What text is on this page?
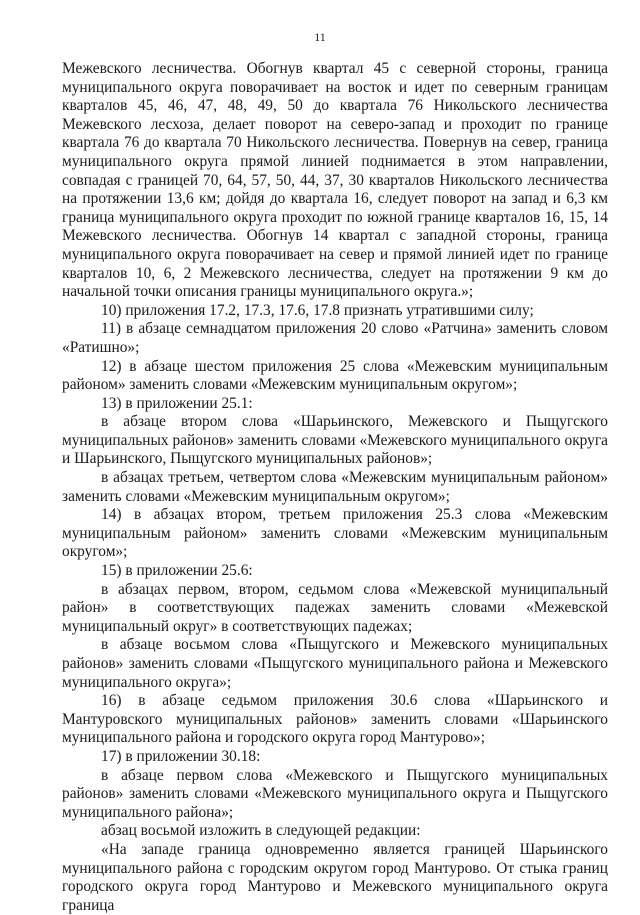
11

Межевского лесничества. Обогнув квартал 45 с северной стороны, граница муниципального округа поворачивает на восток и идет по северным границам кварталов 45, 46, 47, 48, 49, 50 до квартала 76 Никольского лесничества Межевского лесхоза, делает поворот на северо-запад и проходит по границе квартала 76 до квартала 70 Никольского лесничества. Повернув на север, граница муниципального округа прямой линией поднимается в этом направлении, совпадая с границей 70, 64, 57, 50, 44, 37, 30 кварталов Никольского лесничества на протяжении 13,6 км; дойдя до квартала 16, следует поворот на запад и 6,3 км граница муниципального округа проходит по южной границе кварталов 16, 15, 14 Межевского лесничества. Обогнув 14 квартал с западной стороны, граница муниципального округа поворачивает на север и прямой линией идет по границе кварталов 10, 6, 2 Межевского лесничества, следует на протяжении 9 км до начальной точки описания границы муниципального округа.»;

10) приложения 17.2, 17.3, 17.6, 17.8 признать утратившими силу;

11) в абзаце семнадцатом приложения 20 слово «Ратчина» заменить словом «Ратишно»;

12) в абзаце шестом приложения 25 слова «Межевским муниципальным районом» заменить словами «Межевским муниципальным округом»;

13) в приложении 25.1:

в абзаце втором слова «Шарьинского, Межевского и Пыщугского муниципальных районов» заменить словами «Межевского муниципального округа и Шарьинского, Пыщугского муниципальных районов»;

в абзацах третьем, четвертом слова «Межевским муниципальным районом» заменить словами «Межевским муниципальным округом»;

14) в абзацах втором, третьем приложения 25.3 слова «Межевским муниципальным районом» заменить словами «Межевским муниципальным округом»;

15) в приложении 25.6:

в абзацах первом, втором, седьмом слова «Межевской муниципальный район» в соответствующих падежах заменить словами «Межевской муниципальный округ» в соответствующих падежах;

в абзаце восьмом слова «Пыщугского и Межевского муниципальных районов» заменить словами «Пыщугского муниципального района и Межевского муниципального округа»;

16) в абзаце седьмом приложения 30.6 слова «Шарьинского и Мантуровского муниципальных районов» заменить словами «Шарьинского муниципального района и городского округа город Мантурово»;

17) в приложении 30.18:

в абзаце первом слова «Межевского и Пыщугского муниципальных районов» заменить словами «Межевского муниципального округа и Пыщугского муниципального района»;

абзац восьмой изложить в следующей редакции:

«На западе граница одновременно является границей Шарьинского муниципального района с городским округом город Мантурово. От стыка границ городского округа город Мантурово и Межевского муниципального округа граница
